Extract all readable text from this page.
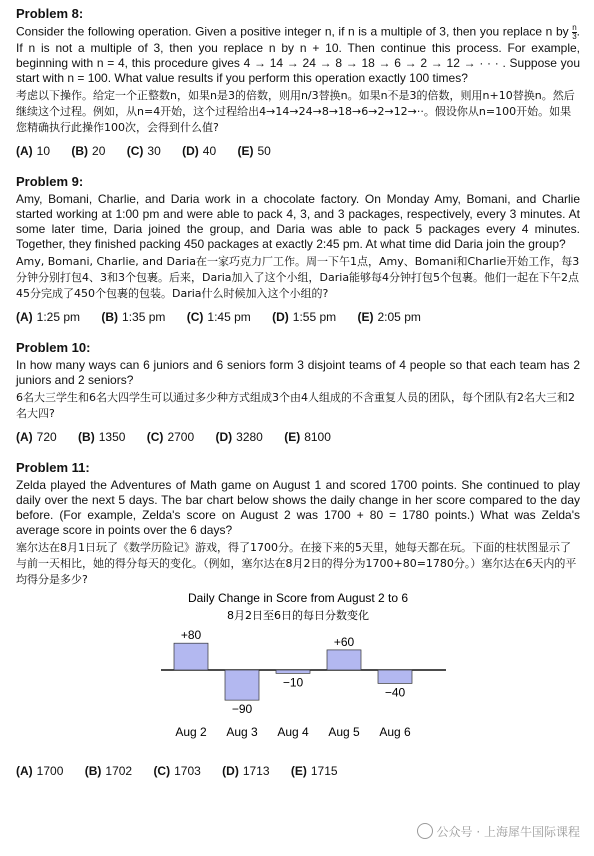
Problem 8:

Consider the following operation. Given a positive integer n, if n is a multiple of 3, then you replace n by $\frac{n}{3}$ . If n is not a multiple of 3, then you replace n by n + 10. Then continue this process. For example, beginning with n = 4, this procedure gives 4 → 14 → 24 → 8 → 18 → 6 → 2 → 12 → · · · . Suppose you start with n = 100. What value results if you perform this operation exactly 100 times?

考虑以下操作。给定一个正整数n，如果n是3的倍数，则用n/3替换n。如果n不是3的倍数，则用n+10替换n。然后继续这个过程。例如，从n=4开始，这个过程给出4→14→24→8→18→6→2→12→··。假设你从n=100开始。如果您精确执行此操作100次，会得到什么值?

(A) 10 (B) 20 (C) 30 (D) 40 (E) 50

Problem 9:

Amy, Bomani, Charlie, and Daria work in a chocolate factory. On Monday Amy, Bomani, and Charlie started working at 1:00 pm and were able to pack 4, 3, and 3 packages, respectively, every 3 minutes. At some later time, Daria joined the group, and Daria was able to pack 5 packages every 4 minutes. Together, they finished packing 450 packages at exactly 2:45 pm. At what time did Daria join the group?

Amy, Bomani, Charlie, and Daria在一家巧克力厂工作。周一下午1点，Amy、Bomani和Charlie开始工作，每3分钟分别打包4、3和3个包裹。后来，Daria加入了这个小组，Daria能够每4分钟打包5个包裹。他们一起在下午2点45分完成了450个包裹的包装。Daria什么时候加入这个小组的?

(A) 1:25 pm (B) 1:35 pm (C) 1:45 pm (D) 1:55 pm (E) 2:05 pm

Problem 10:

In how many ways can 6 juniors and 6 seniors form 3 disjoint teams of 4 people so that each team has 2 juniors and 2 seniors?

6名大三学生和6名大四学生可以通过多少种方式组成3个由4人组成的不含重复人员的团队，每个团队有2名大三和2名大四?

(A) 720 (B) 1350 (C) 2700 (D) 3280 (E) 8100

Problem 11:

Zelda played the Adventures of Math game on August 1 and scored 1700 points. She continued to play daily over the next 5 days. The bar chart below shows the daily change in her score compared to the day before. (For example, Zelda's score on August 2 was 1700 + 80 = 1780 points.) What was Zelda's average score in points over the 6 days?

塞尔达在8月1日玩了《数学历险记》游戏，得了1700分。在接下来的5天里，她每天都在玩。下面的柱状图显示了与前一天相比，她的得分每天的变化。（例如，塞尔达在8月2日的得分为1700+80=1780分。）塞尔达在6天内的平均得分是多少?

Daily Change in Score from August 2 to 6
8月2日至6日的每日分数变化
+80
Aug 2
−90
Aug 3
−10
Aug 4
+60
Aug 5
−40
Aug 6
(A) 1700 (B) 1702 (C) 1703 (D) 1713 (E) 1715
公众号 · 上海犀牛国际课程
